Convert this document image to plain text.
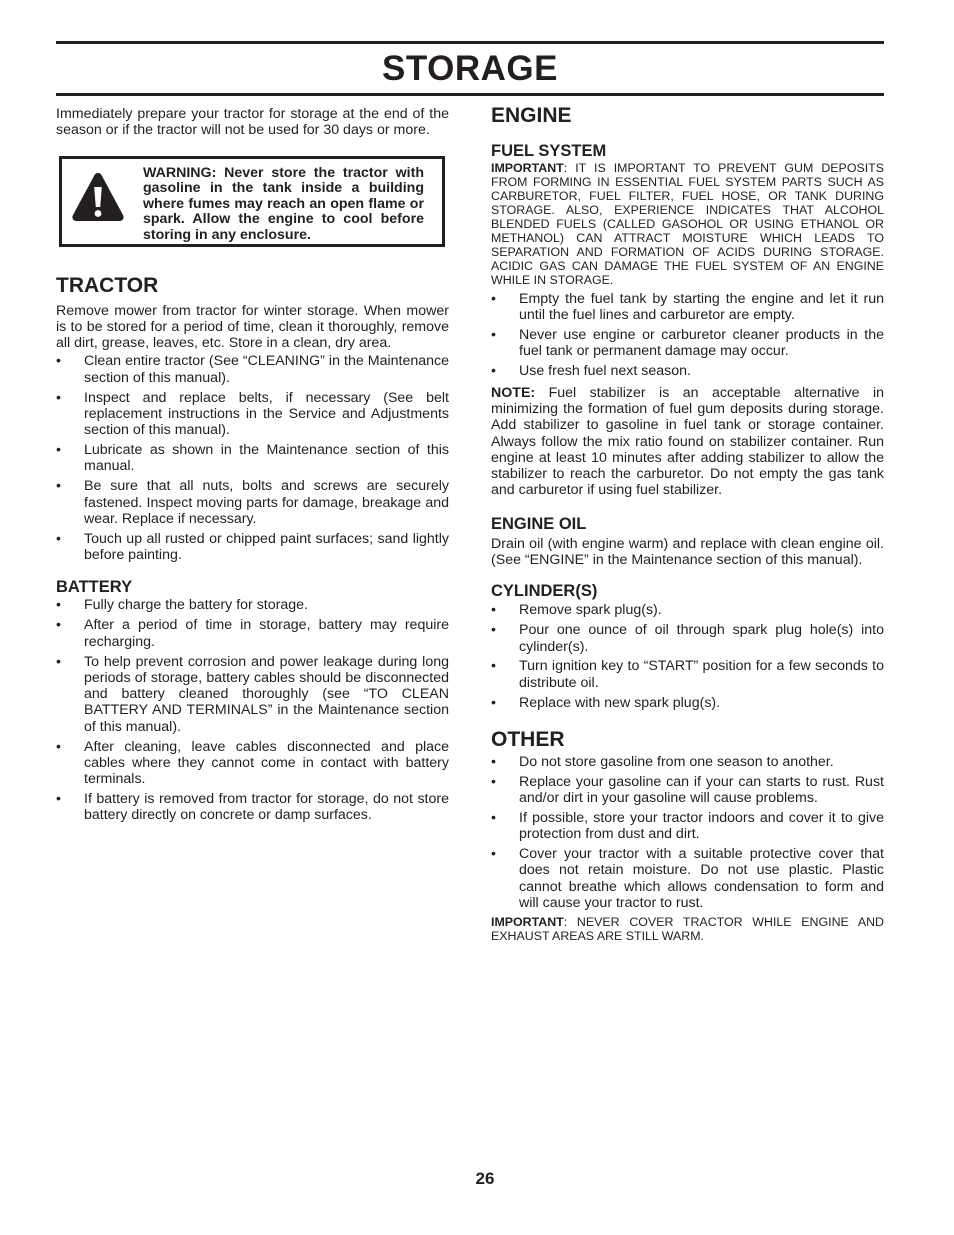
STORAGE

Immediately prepare your tractor for storage at the end of the season or if the tractor will not be used for 30 days or more.

WARNING: Never store the tractor with gasoline in the tank inside a building where fumes may reach an open flame or spark. Allow the engine to cool before storing in any enclosure.
TRACTOR

Remove mower from tractor for winter storage. When mower is to be stored for a period of time, clean it thoroughly, remove all dirt, grease, leaves, etc. Store in a clean, dry area.

• Clean entire tractor (See “CLEANING” in the Maintenance section of this manual).
• Inspect and replace belts, if necessary (See belt replacement instructions in the Service and Adjustments section of this manual).
• Lubricate as shown in the Maintenance section of this manual.
• Be sure that all nuts, bolts and screws are securely fastened. Inspect moving parts for damage, breakage and wear. Replace if necessary.
• Touch up all rusted or chipped paint surfaces; sand lightly before painting.
BATTERY
• Fully charge the battery for storage.
• After a period of time in storage, battery may require recharging.
• To help prevent corrosion and power leakage during long periods of storage, battery cables should be disconnected and battery cleaned thoroughly (see “TO CLEAN BATTERY AND TERMINALS” in the Maintenance section of this manual).
• After cleaning, leave cables disconnected and place cables where they cannot come in contact with battery terminals.
• If battery is removed from tractor for storage, do not store battery directly on concrete or damp surfaces.
ENGINE
FUEL SYSTEM

IMPORTANT: IT IS IMPORTANT TO PREVENT GUM DEPOSITS FROM FORMING IN ESSENTIAL FUEL SYSTEM PARTS SUCH AS CARBURETOR, FUEL FILTER, FUEL HOSE, OR TANK DURING STORAGE. ALSO, EXPERIENCE INDICATES THAT ALCOHOL BLENDED FUELS (CALLED GASOHOL OR USING ETHANOL OR METHANOL) CAN ATTRACT MOISTURE WHICH LEADS TO SEPARATION AND FORMATION OF ACIDS DURING STORAGE. ACIDIC GAS CAN DAMAGE THE FUEL SYSTEM OF AN ENGINE WHILE IN STORAGE.

• Empty the fuel tank by starting the engine and let it run until the fuel lines and carburetor are empty.
• Never use engine or carburetor cleaner products in the fuel tank or permanent damage may occur.
• Use fresh fuel next season.

NOTE: Fuel stabilizer is an acceptable alternative in minimizing the formation of fuel gum deposits during storage. Add stabilizer to gasoline in fuel tank or storage container. Always follow the mix ratio found on stabilizer container. Run engine at least 10 minutes after adding stabilizer to allow the stabilizer to reach the carburetor. Do not empty the gas tank and carburetor if using fuel stabilizer.

ENGINE OIL

Drain oil (with engine warm) and replace with clean engine oil. (See “ENGINE” in the Maintenance section of this manual).

CYLINDER(S)
• Remove spark plug(s).
• Pour one ounce of oil through spark plug hole(s) into cylinder(s).
• Turn ignition key to “START” position for a few seconds to distribute oil.
• Replace with new spark plug(s).
OTHER
• Do not store gasoline from one season to another.
• Replace your gasoline can if your can starts to rust. Rust and/or dirt in your gasoline will cause problems.
• If possible, store your tractor indoors and cover it to give protection from dust and dirt.
• Cover your tractor with a suitable protective cover that does not retain moisture. Do not use plastic. Plastic cannot breathe which allows condensation to form and will cause your tractor to rust.

IMPORTANT: NEVER COVER TRACTOR WHILE ENGINE AND EXHAUST AREAS ARE STILL WARM.

26
